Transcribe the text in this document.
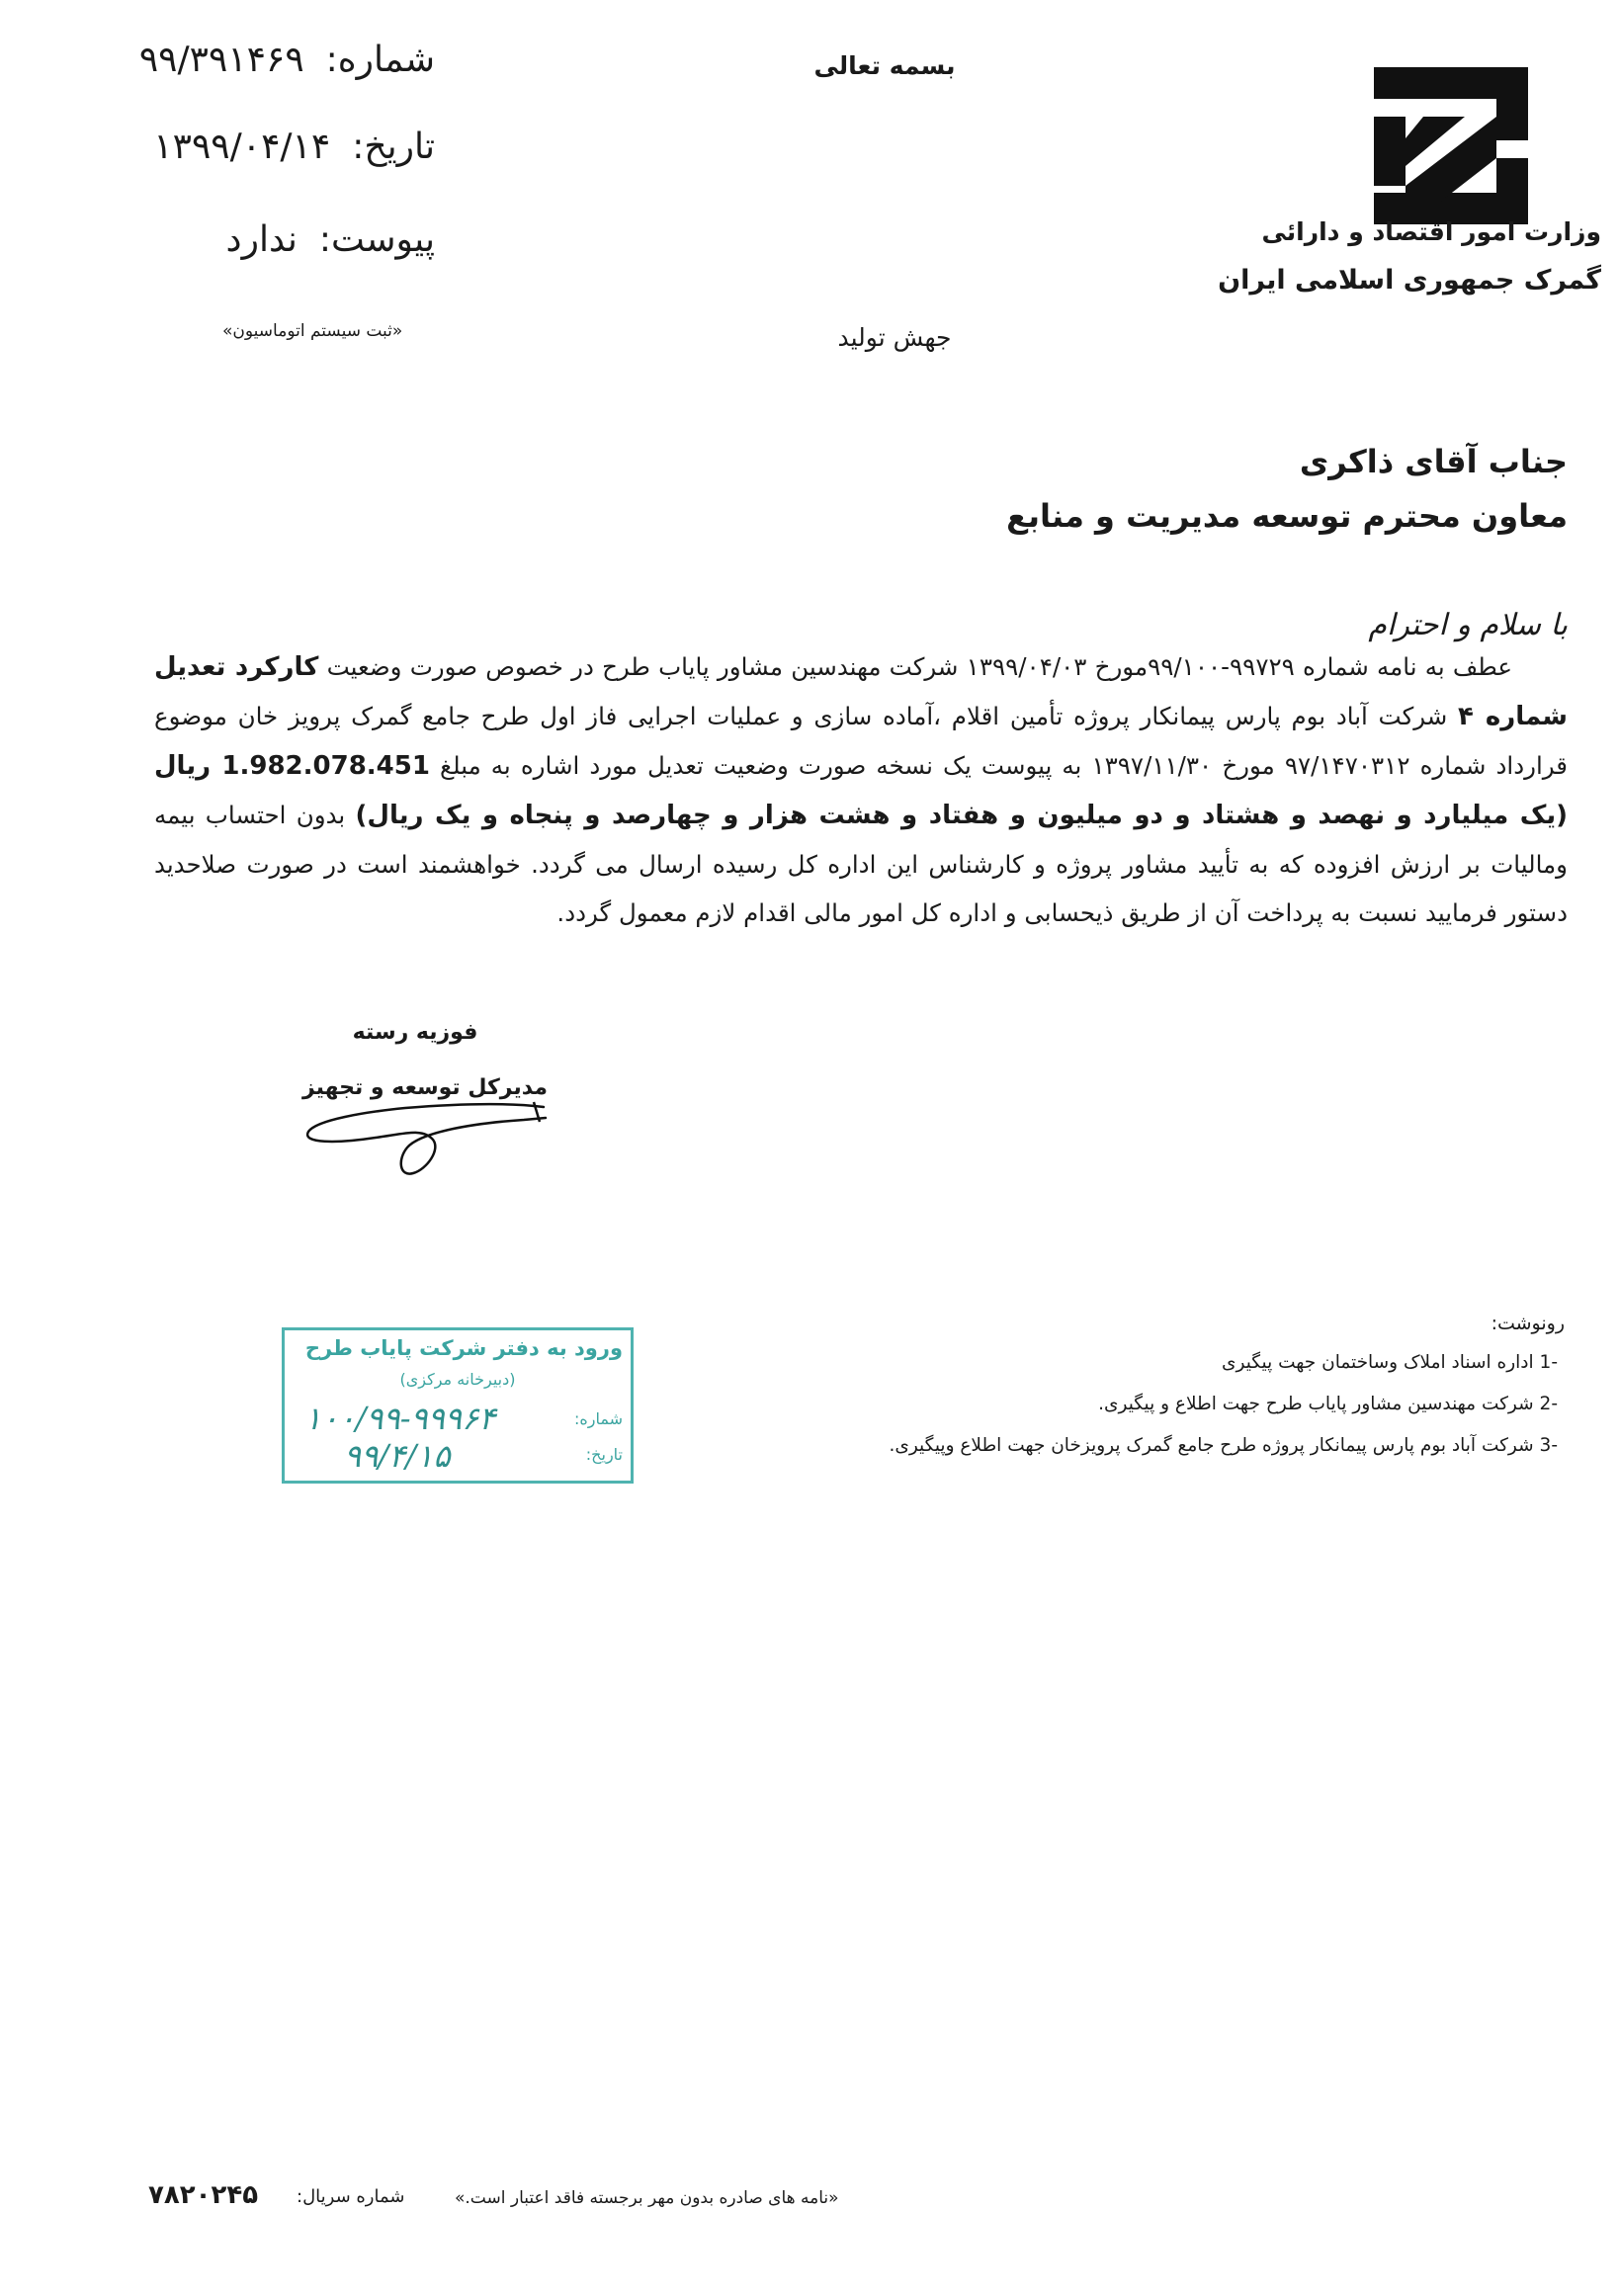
شماره:
۹۹/۳۹۱۴۶۹
تاریخ:
۱۳۹۹/۰۴/۱۴
پیوست:
ندارد
«ثبت سیستم اتوماسیون»
بسمه تعالی
جهش تولید
وزارت امور اقتصاد و دارائی
گمرک جمهوری اسلامی ایران
جناب آقای ذاکری
معاون محترم توسعه مدیریت و منابع
با سلام و احترام
عطف به نامه شماره ۹۹۷۲۹-۹۹/۱۰۰مورخ ۱۳۹۹/۰۴/۰۳ شرکت مهندسین مشاور پایاب طرح در خصوص صورت وضعیت کارکرد تعدیل شماره ۴ شرکت آباد بوم پارس پیمانکار پروژه تأمین اقلام ،آماده سازی و عملیات اجرایی فاز اول طرح جامع گمرک پرویز خان موضوع قرارداد شماره ۹۷/۱۴۷۰۳۱۲ مورخ ۱۳۹۷/۱۱/۳۰ به پیوست یک نسخه صورت وضعیت تعدیل مورد اشاره به مبلغ 1.982.078.451 ریال (یک میلیارد و نهصد و هشتاد و دو میلیون و هفتاد و هشت هزار و چهارصد و پنجاه و یک ریال) بدون احتساب بیمه ومالیات بر ارزش افزوده که به تأیید مشاور پروژه و کارشناس این اداره کل رسیده ارسال می گردد. خواهشمند است در صورت صلاحدید دستور فرمایید نسبت به پرداخت آن از طریق ذیحسابی و اداره کل امور مالی اقدام لازم معمول گردد.
فوزیه رسته
مدیرکل توسعه و تجهیز
ورود به دفتر شرکت پایاب طرح
(دبیرخانه مرکزی)
شماره:
۱۰۰/۹۹-۹۹۹۶۴
تاریخ:
۹۹/۴/۱۵
رونوشت:
-1 اداره اسناد املاک وساختمان جهت پیگیری
-2 شرکت مهندسین مشاور پایاب طرح جهت اطلاع و پیگیری.
-3 شرکت آباد بوم پارس پیمانکار پروژه طرح جامع گمرک پرویزخان جهت اطلاع وپیگیری.
«نامه های صادره بدون مهر برجسته فاقد اعتبار است.»
شماره سریال:
۷۸۲۰۲۴۵
